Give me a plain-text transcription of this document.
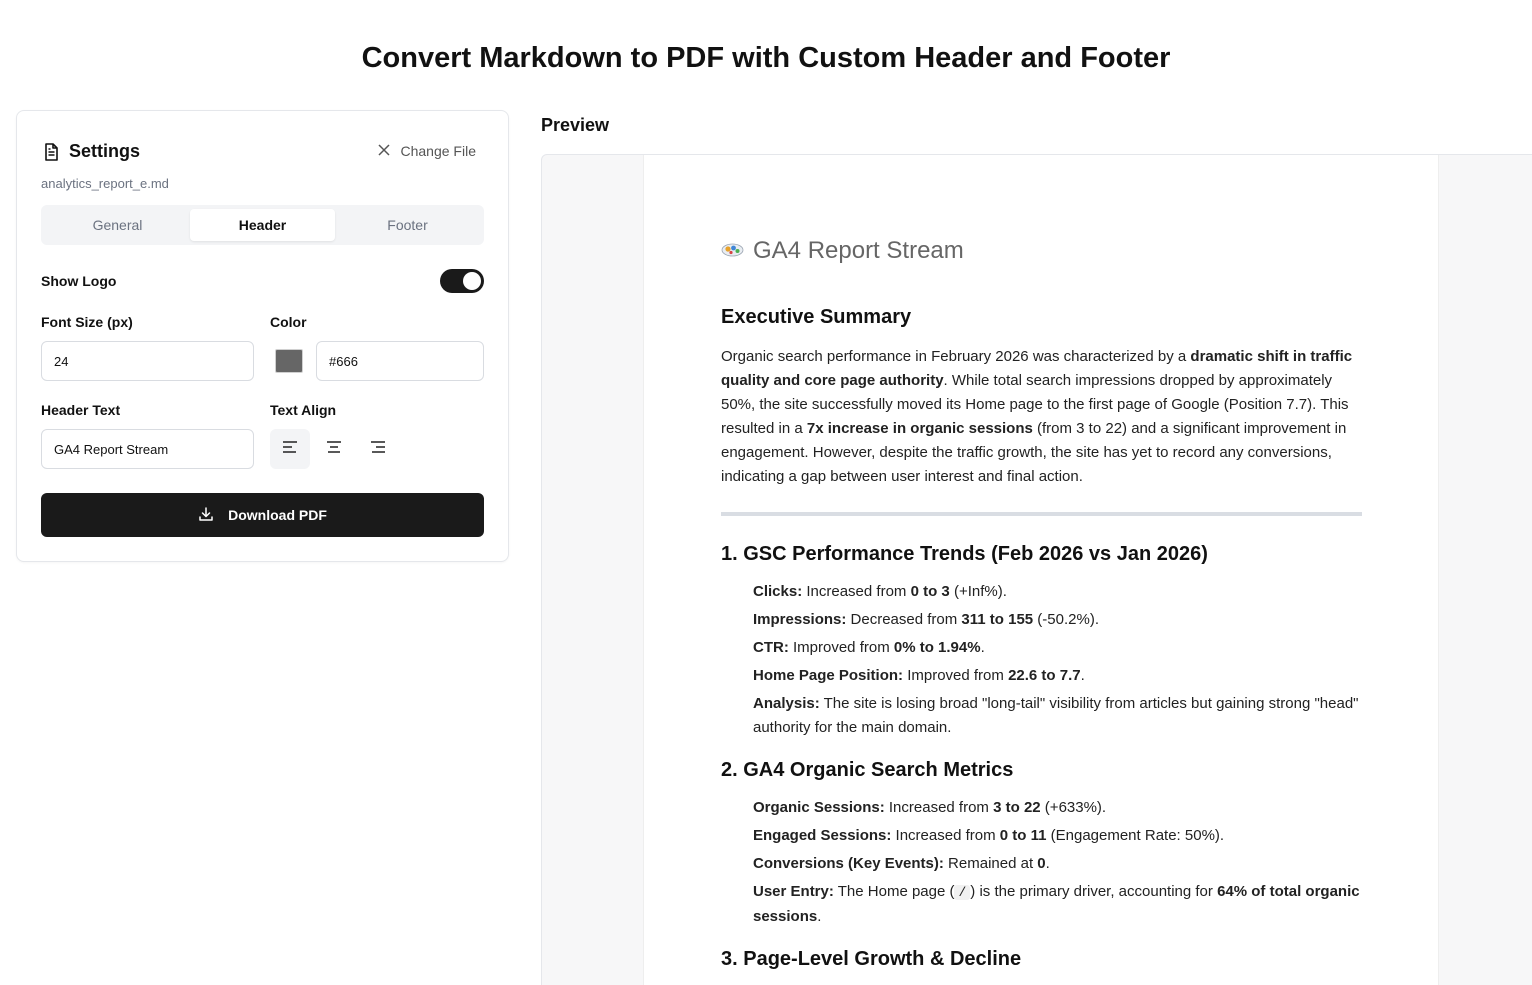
Convert Markdown to PDF with Custom Header and Footer
Settings	Change File
analytics_report_e.md
General	Header	Footer
Show Logo
Font Size (px)
24
Color
#666
Header Text
GA4 Report Stream
Text Align
Download PDF
Preview
GA4 Report Stream
Executive Summary
Organic search performance in February 2026 was characterized by a dramatic shift in traffic quality and core page authority. While total search impressions dropped by approximately 50%, the site successfully moved its Home page to the first page of Google (Position 7.7). This resulted in a 7x increase in organic sessions (from 3 to 22) and a significant improvement in engagement. However, despite the traffic growth, the site has yet to record any conversions, indicating a gap between user interest and final action.
1. GSC Performance Trends (Feb 2026 vs Jan 2026)
Clicks: Increased from 0 to 3 (+Inf%).
Impressions: Decreased from 311 to 155 (-50.2%).
CTR: Improved from 0% to 1.94%.
Home Page Position: Improved from 22.6 to 7.7.
Analysis: The site is losing broad "long-tail" visibility from articles but gaining strong "head" authority for the main domain.
2. GA4 Organic Search Metrics
Organic Sessions: Increased from 3 to 22 (+633%).
Engaged Sessions: Increased from 0 to 11 (Engagement Rate: 50%).
Conversions (Key Events): Remained at 0.
User Entry: The Home page ( / ) is the primary driver, accounting for 64% of total organic sessions.
3. Page-Level Growth & Decline
